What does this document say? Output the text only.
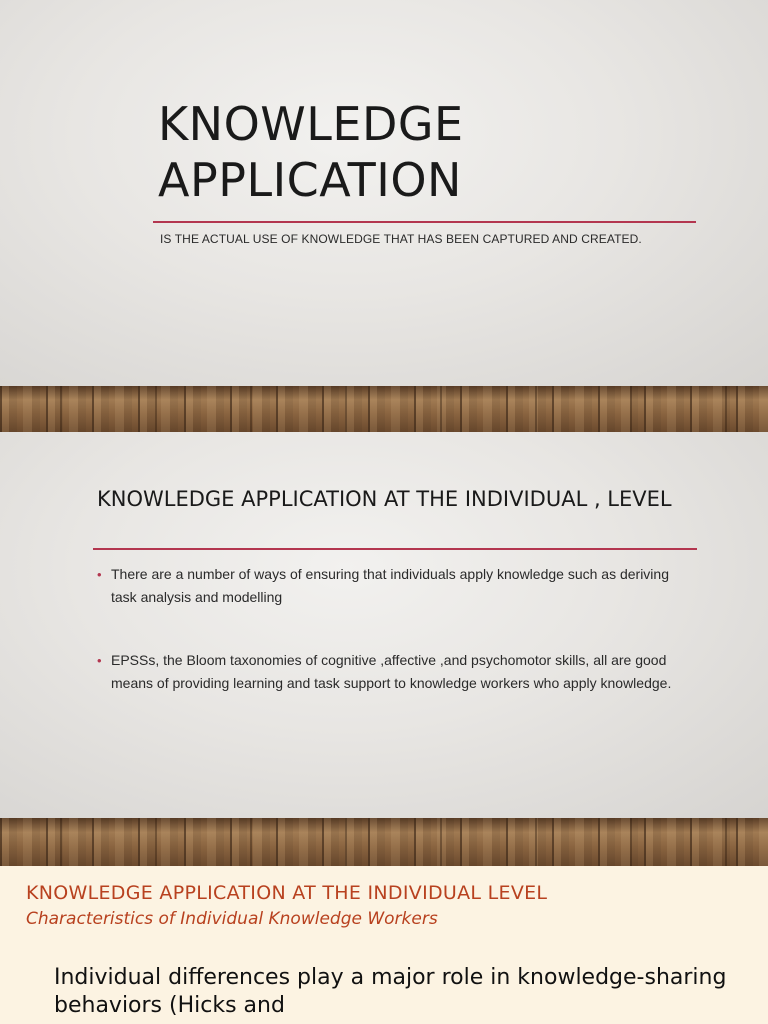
KNOWLEDGE
APPLICATION
IS THE ACTUAL USE OF KNOWLEDGE THAT HAS BEEN CAPTURED AND CREATED.
KNOWLEDGE APPLICATION AT THE INDIVIDUAL , LEVEL
• There are a number of ways of ensuring that individuals apply knowledge such as deriving task analysis and modelling
• EPSSs, the Bloom taxonomies of cognitive ,affective ,and psychomotor skills, all are good means of providing learning and task support to knowledge workers who apply knowledge.
KNOWLEDGE APPLICATION AT THE INDIVIDUAL LEVEL
Characteristics of Individual Knowledge Workers
Individual differences play a major role in knowledge-sharing behaviors (Hicks and
